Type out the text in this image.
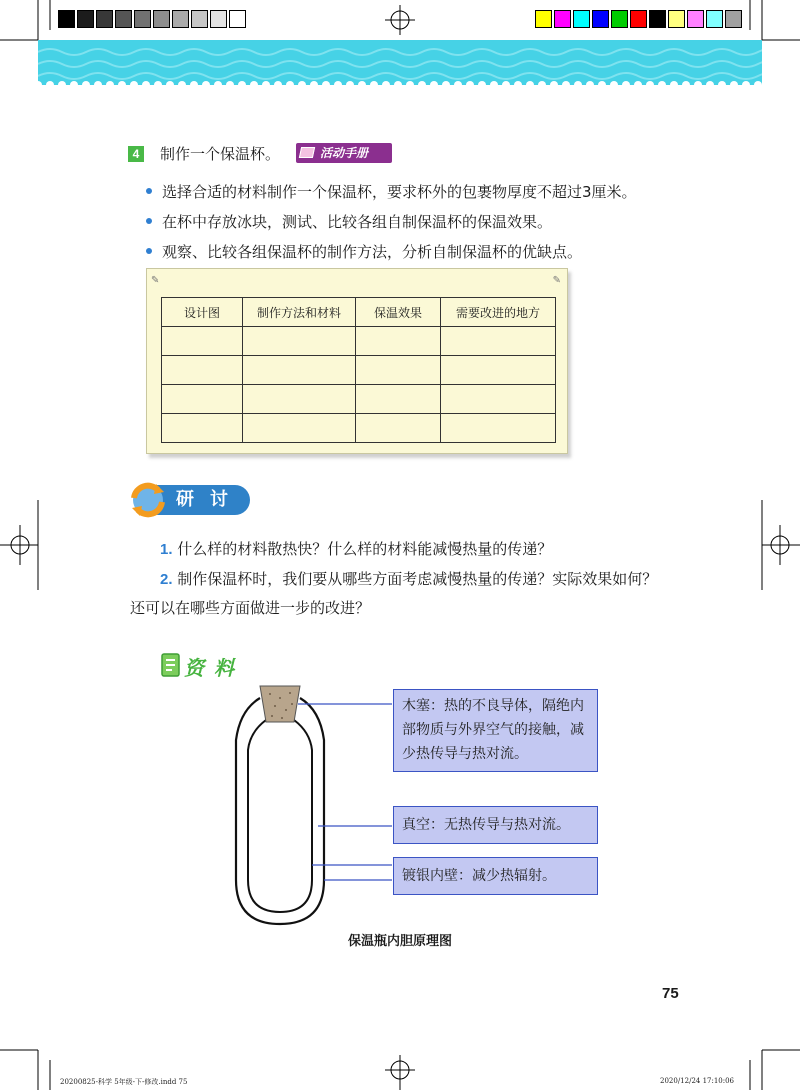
4	制作一个保温杯。	活动手册
选择合适的材料制作一个保温杯，要求杯外的包裹物厚度不超过3厘米。
在杯中存放冰块，测试、比较各组自制保温杯的保温效果。
观察、比较各组保温杯的制作方法，分析自制保温杯的优缺点。
✎	✎
设计图	制作方法和材料	保温效果	需要改进的地方

研讨
1. 什么样的材料散热快？什么样的材料能减慢热量的传递？
2. 制作保温杯时，我们要从哪些方面考虑减慢热量的传递？实际效果如何？还可以在哪些方面做进一步的改进？
资料
木塞：热的不良导体，隔绝内部物质与外界空气的接触，减少热传导与热对流。
真空：无热传导与热对流。
镀银内壁：减少热辐射。
保温瓶内胆原理图
75
20200825-科学 5年级-下-修改.indd 75	2020/12/24 17:10:06
